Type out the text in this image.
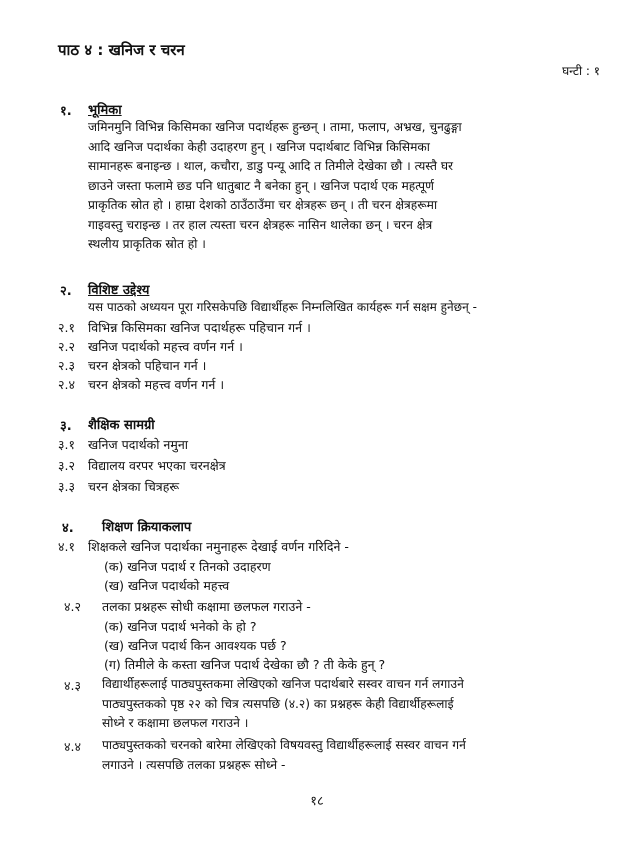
पाठ ४ : खनिज र चरन
घन्टी : १
१. भूमिका
जमिनमुनि विभिन्न किसिमका खनिज पदार्थहरू हुन्छन् । तामा, फलाप, अभ्रख, चुनढुङ्गा
आदि खनिज पदार्थका केही उदाहरण हुन् । खनिज पदार्थबाट विभिन्न किसिमका
सामानहरू बनाइन्छ । थाल, कचौरा, डाडु पन्यू आदि त तिमीले देखेका छौ । त्यस्तै घर
छाउने जस्ता फलामे छड पनि धातुबाट नै बनेका हुन् । खनिज पदार्थ एक महत्पूर्ण
प्राकृतिक स्रोत हो । हाम्रा देशको ठाउँठाउँमा चर क्षेत्रहरू छन् । ती चरन क्षेत्रहरूमा
गाइवस्तु चराइन्छ । तर हाल त्यस्ता चरन क्षेत्रहरू नासिन थालेका छन् । चरन क्षेत्र
स्थलीय प्राकृतिक स्रोत हो ।
२. विशिष्ट उद्देश्य
यस पाठको अध्ययन पूरा गरिसकेपछि विद्यार्थीहरू निम्नलिखित कार्यहरू गर्न सक्षम हुनेछन् -
२.१ विभिन्न किसिमका खनिज पदार्थहरू पहिचान गर्न ।
२.२ खनिज पदार्थको महत्त्व वर्णन गर्न ।
२.३ चरन क्षेत्रको पहिचान गर्न ।
२.४ चरन क्षेत्रको महत्त्व वर्णन गर्न ।
३. शैक्षिक सामग्री
३.१ खनिज पदार्थको नमुना
३.२ विद्यालय वरपर भएका चरनक्षेत्र
३.३ चरन क्षेत्रका चित्रहरू
४. शिक्षण क्रियाकलाप
४.१ शिक्षकले खनिज पदार्थका नमुनाहरू देखाई वर्णन गरिदिने -
(क) खनिज पदार्थ र तिनको उदाहरण
(ख) खनिज पदार्थको महत्त्व
४.२ तलका प्रश्नहरू सोधी कक्षामा छलफल गराउने -
(क) खनिज पदार्थ भनेको के हो ?
(ख) खनिज पदार्थ किन आवश्यक पर्छ ?
(ग) तिमीले के कस्ता खनिज पदार्थ देखेका छौ ? ती केके हुन् ?
४.३ विद्यार्थीहरूलाई पाठ्यपुस्तकमा लेखिएको खनिज पदार्थबारे सस्वर वाचन गर्न लगाउने
पाठ्यपुस्तकको पृष्ठ २२ को चित्र त्यसपछि (४.२) का प्रश्नहरू केही विद्यार्थीहरूलाई
सोध्ने र कक्षामा छलफल गराउने ।
४.४ पाठ्यपुस्तकको चरनको बारेमा लेखिएको विषयवस्तु विद्यार्थीहरूलाई सस्वर वाचन गर्न
लगाउने । त्यसपछि तलका प्रश्नहरू सोध्ने -
१८
